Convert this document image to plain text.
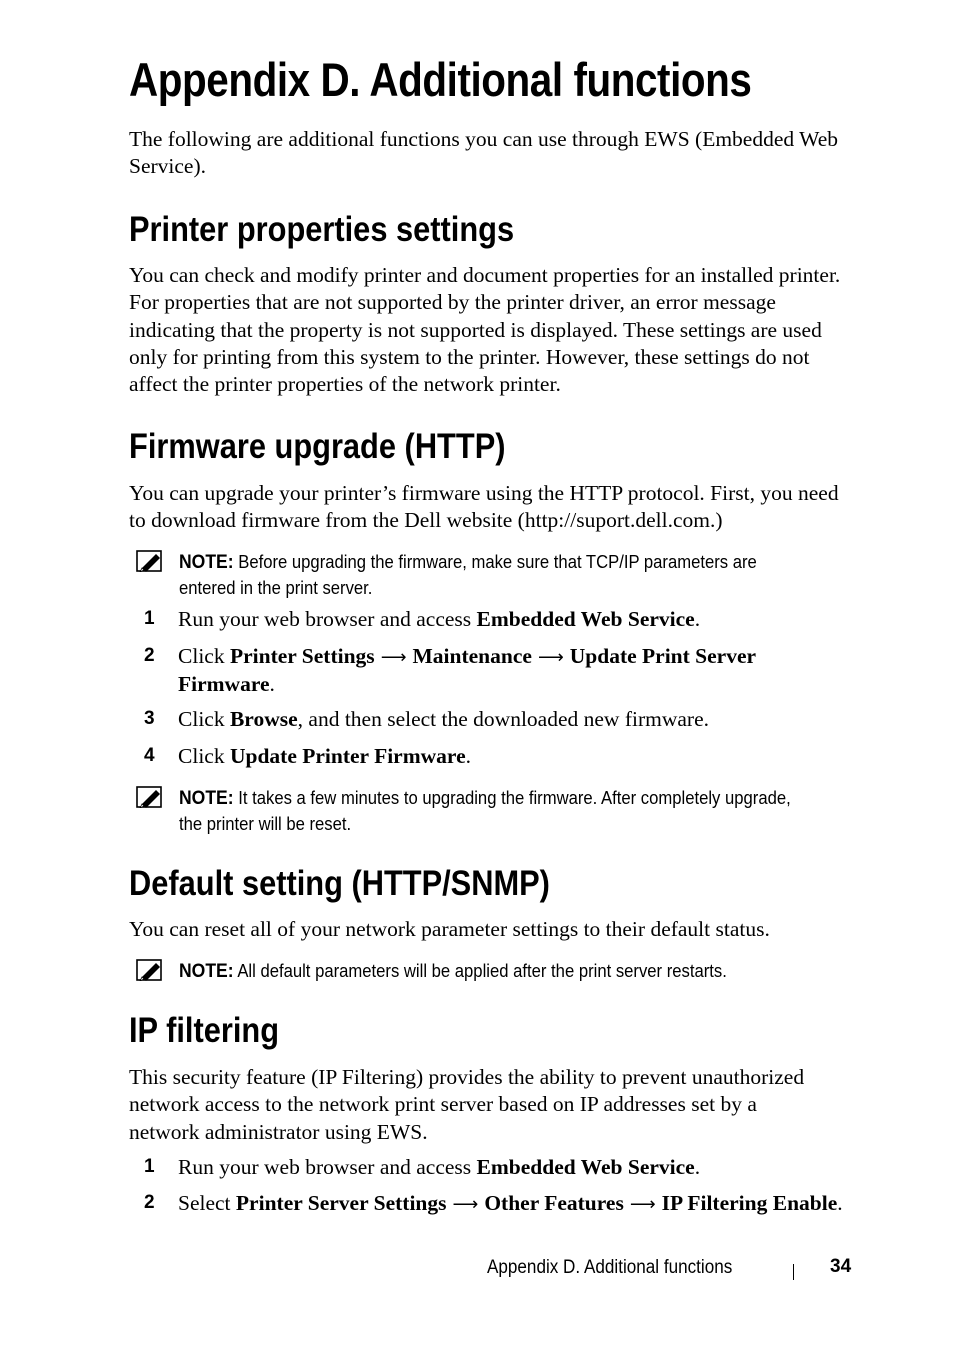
Appendix D. Additional functions

The following are additional functions you can use through EWS (Embedded Web Service).

Printer properties settings

You can check and modify printer and document properties for an installed printer. For properties that are not supported by the printer driver, an error message indicating that the property is not supported is displayed. These settings are used only for printing from this system to the printer. However, these settings do not affect the printer properties of the network printer.

Firmware upgrade (HTTP)

You can upgrade your printer’s firmware using the HTTP protocol. First, you need to download firmware from the Dell website (http://suport.dell.com.)

NOTE: Before upgrading the firmware, make sure that TCP/IP parameters are entered in the print server.

1 Run your web browser and access Embedded Web Service.

2 Click Printer Settings ⟶ Maintenance ⟶ Update Print Server Firmware.

3 Click Browse, and then select the downloaded new firmware.

4 Click Update Printer Firmware.

NOTE: It takes a few minutes to upgrading the firmware. After completely upgrade, the printer will be reset.

Default setting (HTTP/SNMP)

You can reset all of your network parameter settings to their default status.

NOTE: All default parameters will be applied after the print server restarts.

IP filtering

This security feature (IP Filtering) provides the ability to prevent unauthorized network access to the network print server based on IP addresses set by a network administrator using EWS.

1 Run your web browser and access Embedded Web Service.

2 Select Printer Server Settings ⟶ Other Features ⟶ IP Filtering Enable.

Appendix D. Additional functions	34
